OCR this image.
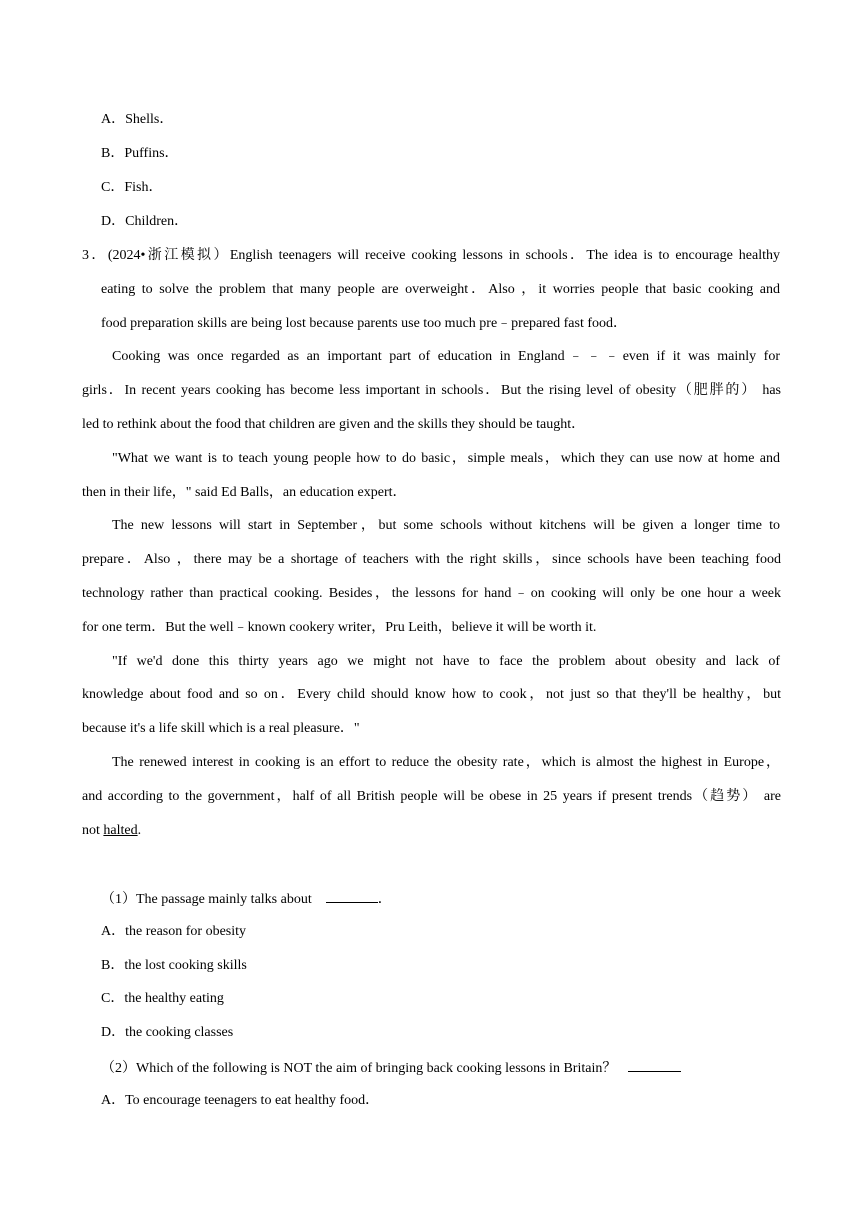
A．Shells．
B．Puffins．
C．Fish．
D．Children．
3．(2024•浙江模拟）English teenagers will receive cooking lessons in schools．The idea is to encourage healthy
eating to solve the problem that many people are overweight．Also ，it worries people that basic cooking and
food preparation skills are being lost because parents use too much pre﹣prepared fast food．
Cooking was once regarded as an important part of education in England﹣﹣﹣even if it was mainly for
girls．In recent years cooking has become less important in schools．But the rising level of obesity（肥胖的） has
led to rethink about the food that children are given and the skills they should be taught．
"What we want is to teach young people how to do basic，simple meals，which they can use now at home and
then in their life，" said Ed Balls，an education expert．
The new lessons will start in September，but some schools without kitchens will be given a longer time to
prepare．Also ，there may be a shortage of teachers with the right skills，since schools have been teaching food
technology rather than practical cooking. Besides，the lessons for hand﹣on cooking will only be one hour a week
for one term．But the well﹣known cookery writer，Pru Leith，believe it will be worth it.
"If we'd done this thirty years ago we might not have to face the problem about obesity and lack of
knowledge about food and so on．Every child should know how to cook，not just so that they'll be healthy，but
because it's a life skill which is a real pleasure．"
The renewed interest in cooking is an effort to reduce the obesity rate，which is almost the highest in Europe，
and according to the government，half of all British people will be obese in 25 years if present trends（趋势） are
not halted.
（1）The passage mainly talks about	．
A．the reason for obesity
B．the lost cooking skills
C．the healthy eating
D．the cooking classes
（2）Which of the following is NOT the aim of bringing back cooking lessons in Britain？
A．To encourage teenagers to eat healthy food．
